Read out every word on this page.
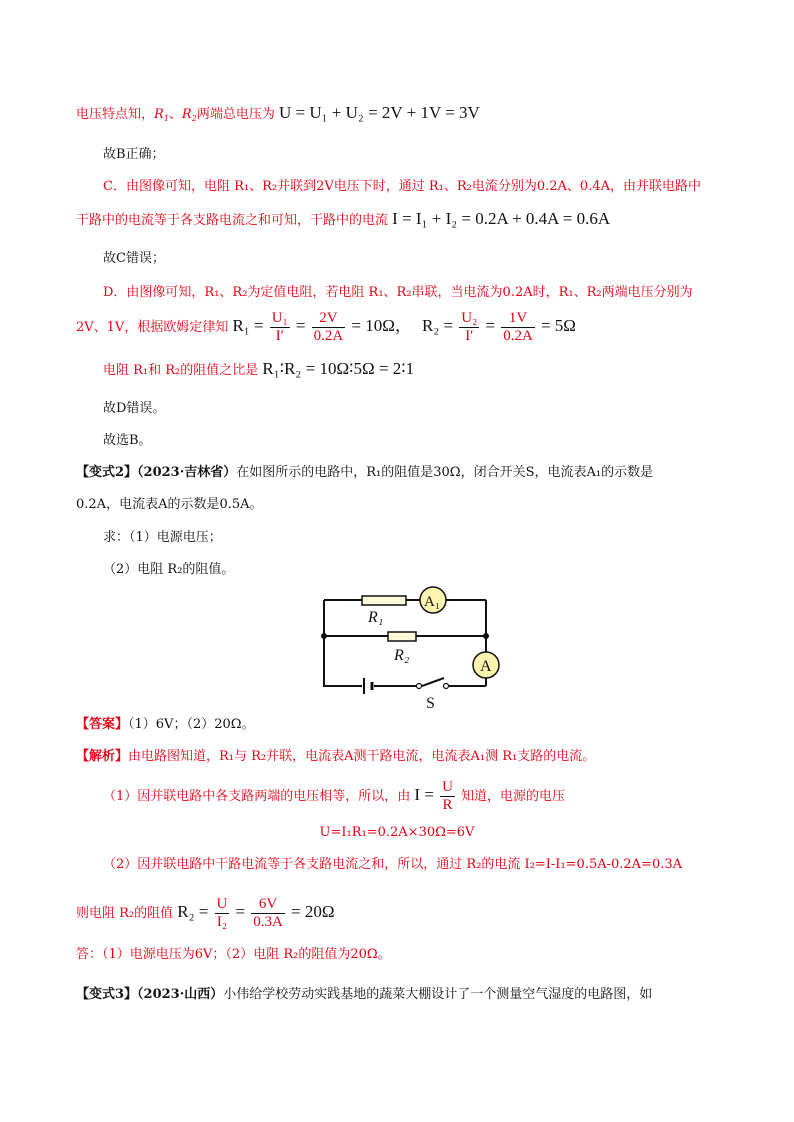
电压特点知，$R_1$、$R_2$两端总电压为 U = U₁ + U₂ = 2V + 1V = 3V
故B正确；
C．由图像可知，电阻 R₁、R₂并联到2V电压下时，通过 R₁、R₂电流分别为0.2A、0.4A，由并联电路中
干路中的电流等于各支路电流之和可知，干路中的电流 I = I₁ + I₂ = 0.2A + 0.4A = 0.6A
故C错误；
D．由图像可知，R₁、R₂为定值电阻，若电阻 R₁、R₂串联，当电流为0.2A时，R₁、R₂两端电压分别为
2V、1V，根据欧姆定律知 $R_1 = \frac{\text{U₁}}{I'} = \frac{2V}{0.2A} = 10\Omega$， $R_2 = \frac{\text{U₂}}{I'} = \frac{1V}{0.2A} = 5\Omega$
电阻 R₁和 R₂的阻值之比是 R₁∶R₂ = 10Ω∶5Ω = 2∶1
故D错误。
故选B。
【变式2】（2023·吉林省）在如图所示的电路中，R₁的阻值是30Ω，闭合开关S，电流表A₁的示数是
0.2A，电流表A的示数是0.5A。
求：（1）电源电压；
（2）电阻 R₂的阻值。
R₁
R₂
A₁
A
S
【答案】（1）6V；（2）20Ω。
【解析】由电路图知道，R₁与 R₂并联，电流表A测干路电流，电流表A₁测 R₁支路的电流。
（1）因并联电路中各支路两端的电压相等，所以，由 $I = \frac{U}{R}$ 知道，电源的电压
U=I₁R₁=0.2A×30Ω=6V
（2）因并联电路中干路电流等于各支路电流之和，所以，通过 R₂的电流 I₂=I-I₁=0.5A-0.2A=0.3A
则电阻 R₂的阻值 $R_2 = \frac{U}{\text{I₂}} = \frac{6V}{0.3A} = 20\Omega$
答：（1）电源电压为6V；（2）电阻 R₂的阻值为20Ω。
【变式3】（2023·山西）小伟给学校劳动实践基地的蔬菜大棚设计了一个测量空气湿度的电路图，如
